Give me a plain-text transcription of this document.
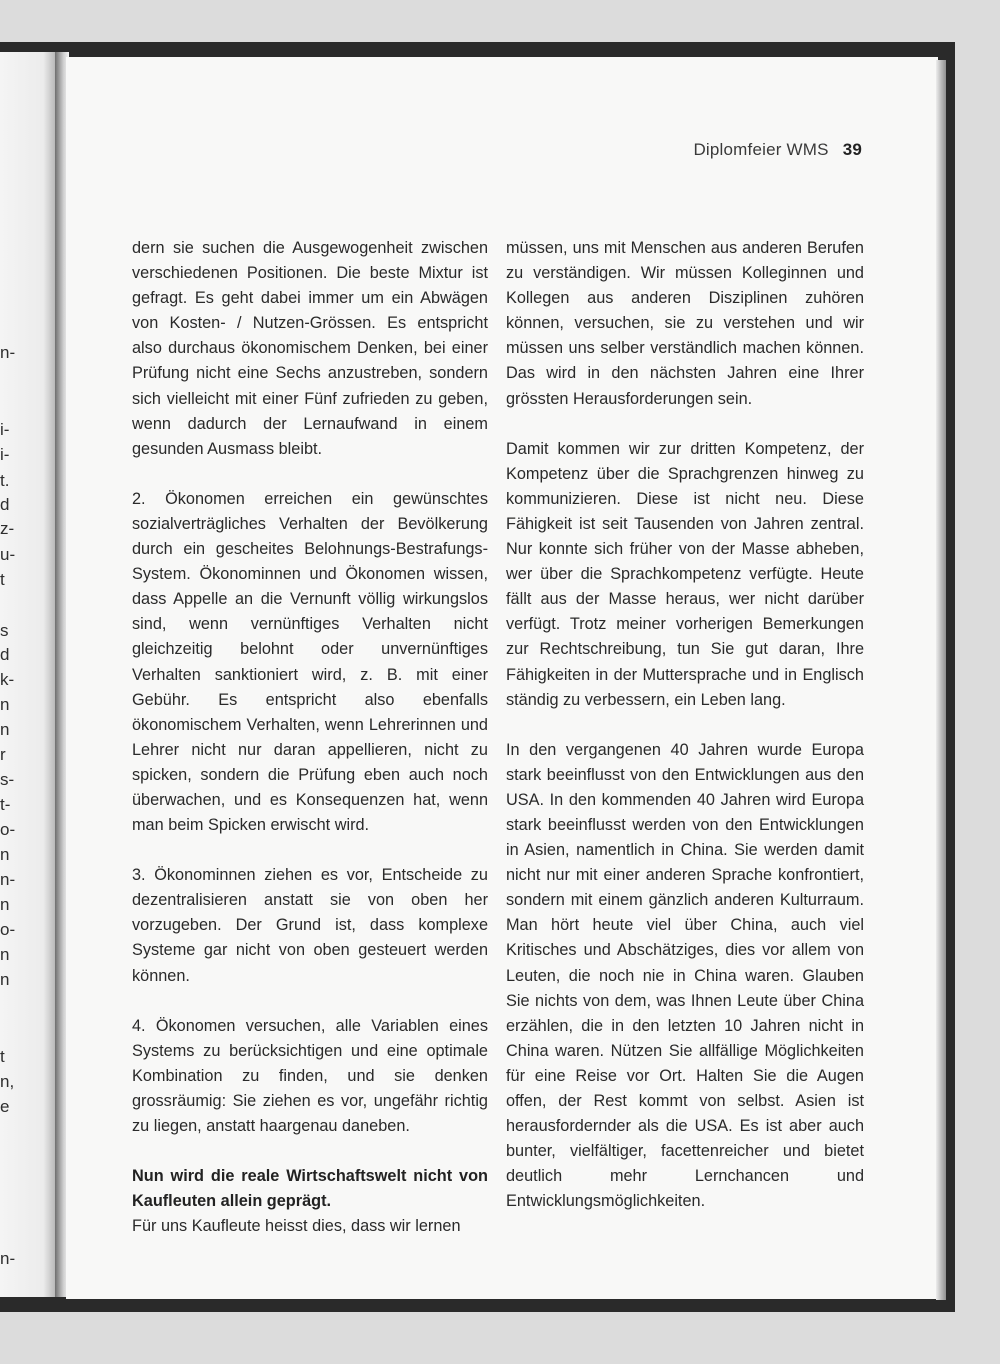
n-
i-
i-
t.
d
z-
u-
t
s
d
k-
n
n
r
s-
t-
o-
n
n-
n
o-
n
n
t
n,
e
n-
Diplomfeier WMS 39

dern sie suchen die Ausgewogenheit zwischen verschiedenen Positionen. Die beste Mixtur ist gefragt. Es geht dabei immer um ein Abwägen von Kosten- / Nutzen-Grössen. Es entspricht also durchaus ökonomischem Denken, bei einer Prüfung nicht eine Sechs anzustreben, sondern sich vielleicht mit einer Fünf zufrieden zu geben, wenn dadurch der Lernaufwand in einem gesunden Ausmass bleibt.

2. Ökonomen erreichen ein gewünschtes sozialverträgliches Verhalten der Bevölkerung durch ein gescheites Belohnungs-Bestrafungs-System. Ökonominnen und Ökonomen wissen, dass Appelle an die Vernunft völlig wirkungslos sind, wenn vernünftiges Verhalten nicht gleichzeitig belohnt oder unvernünftiges Verhalten sanktioniert wird, z. B. mit einer Gebühr. Es entspricht also ebenfalls ökonomischem Verhalten, wenn Lehrerinnen und Lehrer nicht nur daran appellieren, nicht zu spicken, sondern die Prüfung eben auch noch überwachen, und es Konsequenzen hat, wenn man beim Spicken erwischt wird.

3. Ökonominnen ziehen es vor, Entscheide zu dezentralisieren anstatt sie von oben her vorzugeben. Der Grund ist, dass komplexe Systeme gar nicht von oben gesteuert werden können.

4. Ökonomen versuchen, alle Variablen eines Systems zu berücksichtigen und eine optimale Kombination zu finden, und sie denken grossräumig: Sie ziehen es vor, ungefähr richtig zu liegen, anstatt haargenau daneben.

Nun wird die reale Wirtschaftswelt nicht von Kaufleuten allein geprägt.

Für uns Kaufleute heisst dies, dass wir lernen

müssen, uns mit Menschen aus anderen Berufen zu verständigen. Wir müssen Kolleginnen und Kollegen aus anderen Disziplinen zuhören können, versuchen, sie zu verstehen und wir müssen uns selber verständlich machen können. Das wird in den nächsten Jahren eine Ihrer grössten Herausforderungen sein.

Damit kommen wir zur dritten Kompetenz, der Kompetenz über die Sprachgrenzen hinweg zu kommunizieren. Diese ist nicht neu. Diese Fähigkeit ist seit Tausenden von Jahren zentral. Nur konnte sich früher von der Masse abheben, wer über die Sprachkompetenz verfügte. Heute fällt aus der Masse heraus, wer nicht darüber verfügt. Trotz meiner vorherigen Bemerkungen zur Rechtschreibung, tun Sie gut daran, Ihre Fähigkeiten in der Muttersprache und in Englisch ständig zu verbessern, ein Leben lang.

In den vergangenen 40 Jahren wurde Europa stark beeinflusst von den Entwicklungen aus den USA. In den kommenden 40 Jahren wird Europa stark beeinflusst werden von den Entwicklungen in Asien, namentlich in China. Sie werden damit nicht nur mit einer anderen Sprache konfrontiert, sondern mit einem gänzlich anderen Kulturraum. Man hört heute viel über China, auch viel Kritisches und Abschätziges, dies vor allem von Leuten, die noch nie in China waren. Glauben Sie nichts von dem, was Ihnen Leute über China erzählen, die in den letzten 10 Jahren nicht in China waren. Nützen Sie allfällige Möglichkeiten für eine Reise vor Ort. Halten Sie die Augen offen, der Rest kommt von selbst. Asien ist herausfordernder als die USA. Es ist aber auch bunter, vielfältiger, facettenreicher und bietet deutlich mehr Lernchancen und Entwicklungsmöglichkeiten.
